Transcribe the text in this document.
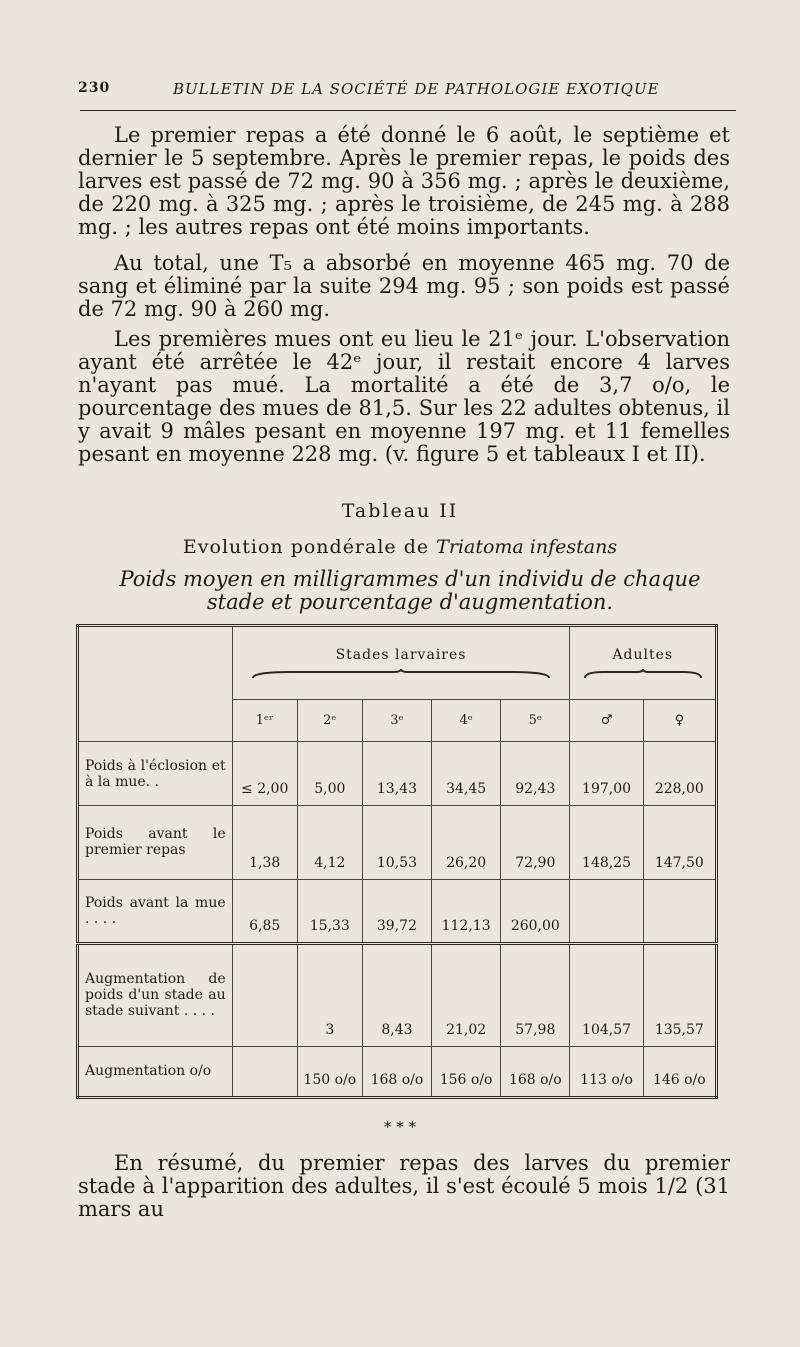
230	BULLETIN DE LA SOCIÉTÉ DE PATHOLOGIE EXOTIQUE

Le premier repas a été donné le 6 août, le septième et dernier le 5 septembre. Après le premier repas, le poids des larves est passé de 72 mg. 90 à 356 mg. ; après le deuxième, de 220 mg. à 325 mg. ; après le troisième, de 245 mg. à 288 mg. ; les autres repas ont été moins importants.

Au total, une T₅ a absorbé en moyenne 465 mg. 70 de sang et éliminé par la suite 294 mg. 95 ; son poids est passé de 72 mg. 90 à 260 mg.

Les premières mues ont eu lieu le 21ᵉ jour. L'observation ayant été arrêtée le 42ᵉ jour, il restait encore 4 larves n'ayant pas mué. La mortalité a été de 3,7 o/o, le pourcentage des mues de 81,5. Sur les 22 adultes obtenus, il y avait 9 mâles pesant en moyenne 197 mg. et 11 femelles pesant en moyenne 228 mg. (v. figure 5 et tableaux I et II).

Tableau II
Evolution pondérale de Triatoma infestans
Poids moyen en milligrammes d'un individu de chaque stade et pourcentage d'augmentation.
	Stades larvaires					Adultes	

	1ᵉʳ	2ᵉ	3ᵉ	4ᵉ	5ᵉ	♂	♀
Poids à l'éclosion et à la mue. .	≤ 2,00	5,00	13,43	34,45	92,43	197,00	228,00
Poids avant le premier repas	1,38	4,12	10,53	26,20	72,90	148,25	147,50
Poids avant la mue . . . .	6,85	15,33	39,72	112,13	260,00		
Augmentation de poids d'un stade au stade suivant . . . .		3	8,43	21,02	57,98	104,57	135,57
Augmentation o/o		150 o/o	168 o/o	156 o/o	168 o/o	113 o/o	146 o/o
* * *

En résumé, du premier repas des larves du premier stade à l'apparition des adultes, il s'est écoulé 5 mois 1/2 (31 mars au
